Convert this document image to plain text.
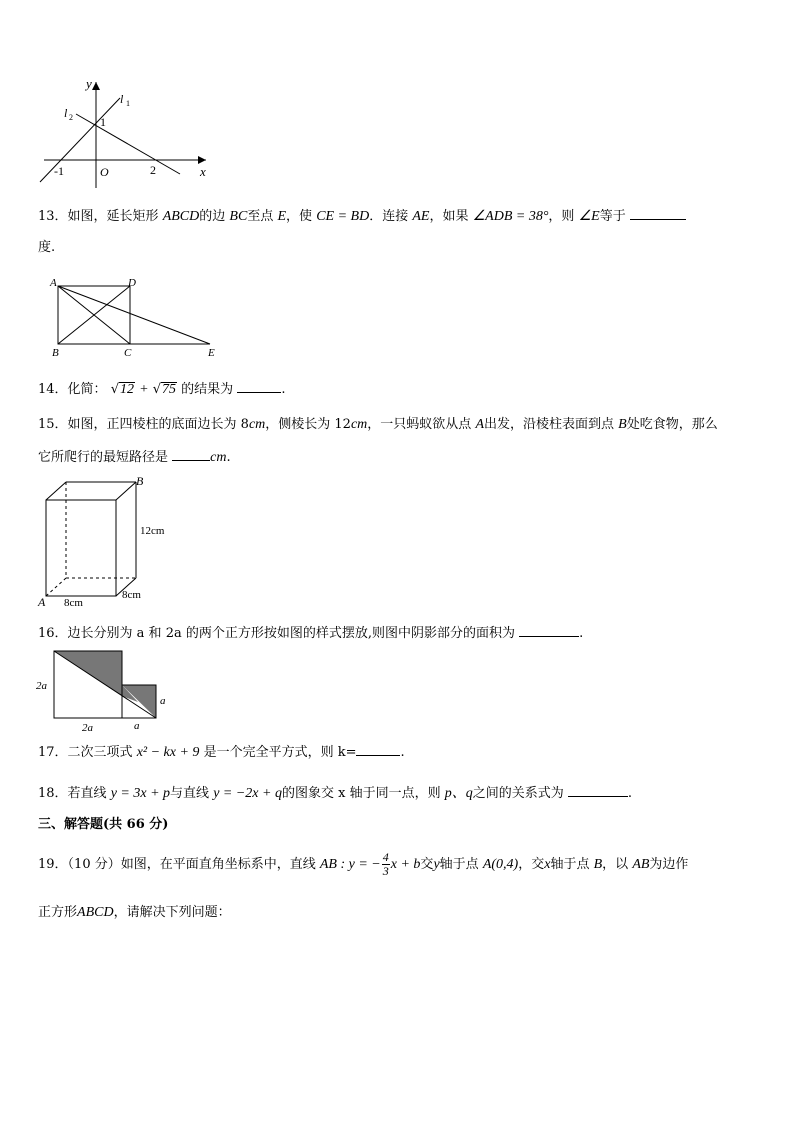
y
l 1
l 2 1
-1	O	2	x
13．如图，延长矩形 ABCD的边 BC至点 E，使 CE = BD．连接 AE，如果 ∠ADB = 38°，则 ∠E等于
度.
A	D
B	C	E
14．化简： √12 + √75 的结果为	.
15．如图，正四棱柱的底面边长为 8cm，侧棱长为 12cm，一只蚂蚁欲从点 A出发，沿棱柱表面到点 B处吃食物，那么
它所爬行的最短路径是	cm.
B
12cm
A 8cm
8cm
16．边长分别为 a 和 2a 的两个正方形按如图的样式摆放,则图中阴影部分的面积为	.
2a
2a	a
a
17．二次三项式 x² − kx + 9 是一个完全平方式，则 k=	.
18．若直线 y = 3x + p与直线 y = −2x + q的图象交 x 轴于同一点，则 p、q之间的关系式为	.
三、解答题(共 66 分)
19．（10 分）如图，在平面直角坐标系中，直线 AB : y = − $\frac{4}{3}$ x + b交y轴于点 A(0,4)，交x轴于点 B，以 AB为边作
正方形ABCD，请解决下列问题：
